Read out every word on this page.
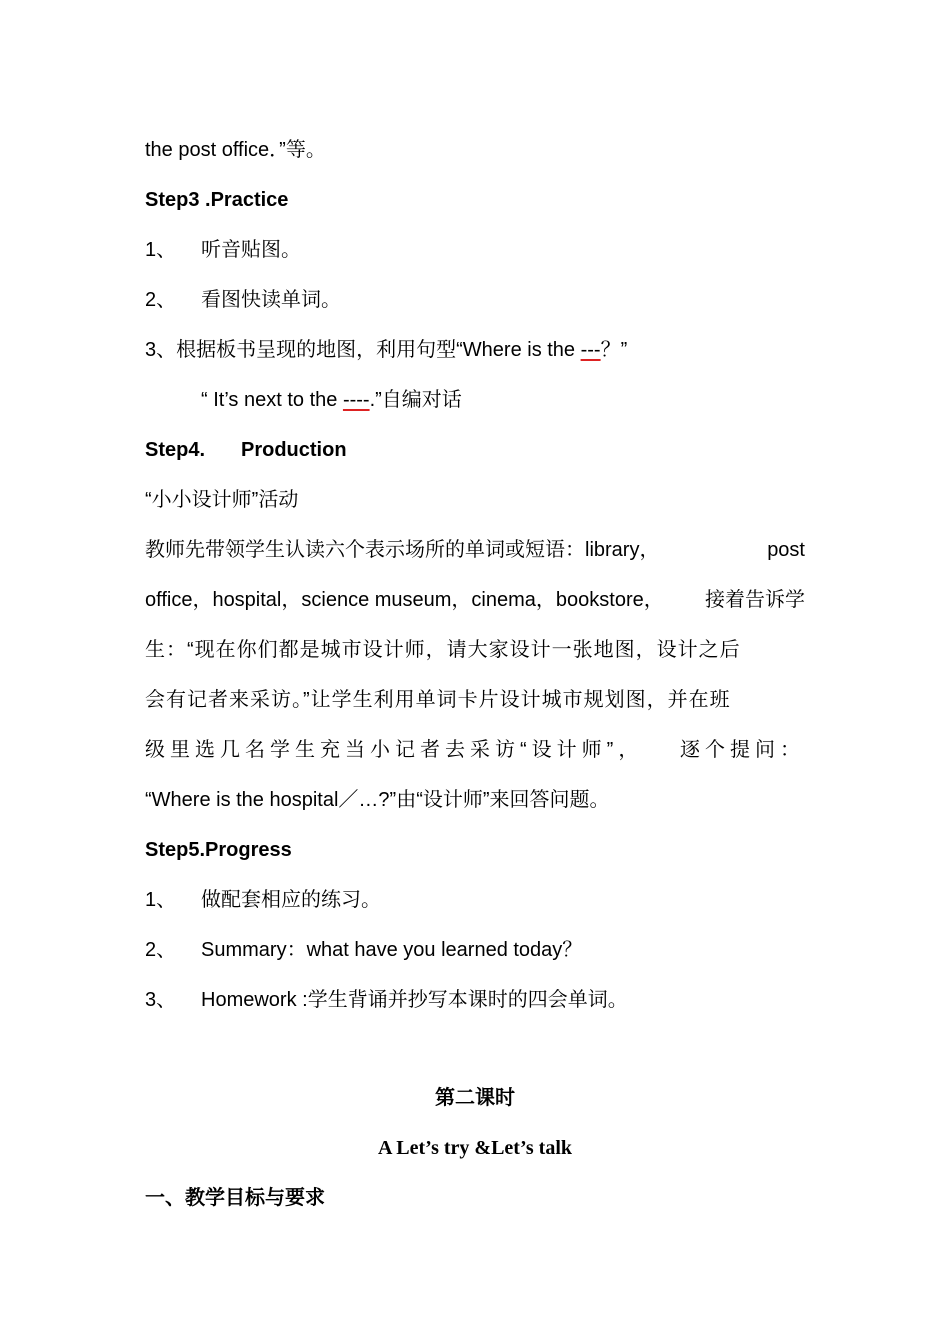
the post office．”等。
Step3 .Practice
1、 听音贴图。
2、 看图快读单词。
3、根据板书呈现的地图，利用句型“Where is the ---？”
“ It’s next to the ----.”自编对话
Step4. Production
“小小设计师”活动
教师先带领学生认读六个表示场所的单词或短语：library，	post
office，hospital，science museum，cinema，bookstore， 接着告诉学
生：“现在你们都是城市设计师，请大家设计一张地图，设计之后
会有记者来采访。”让学生利用单词卡片设计城市规划图，并在班
级里选几名学生充当小记者去采访“设计师”， 逐个提问：
“Where is the hospital／…?”由“设计师”来回答问题。
Step5.Progress
1、 做配套相应的练习。
2、 Summary：what have you learned today？
3、 Homework :学生背诵并抄写本课时的四会单词。
第二课时
A Let’s try &Let’s talk
一、教学目标与要求
